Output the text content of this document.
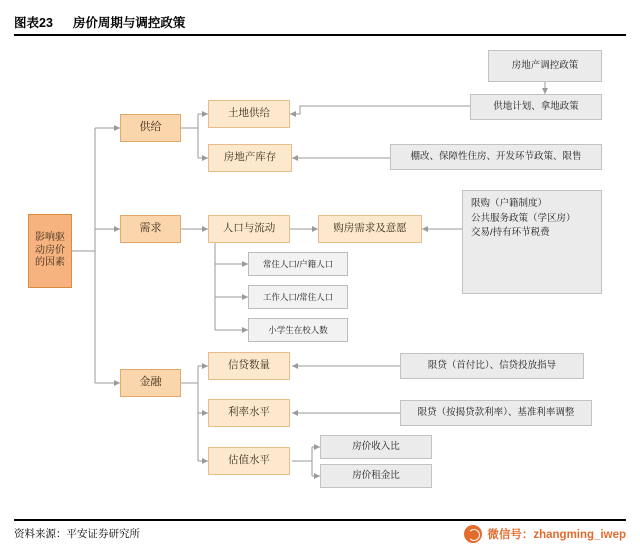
图表23 房价周期与调控政策
影响驱动房价的因素
供给
需求
金融
土地供给
房地产库存
房地产调控政策
供地计划、拿地政策
棚改、保障性住房、开发环节政策、限售
人口与流动	购房需求及意愿
常住人口/户籍人口
工作人口/常住人口
小学生在校人数
限购（户籍制度）
公共服务政策（学区房）
交易/持有环节税费
信贷数量
利率水平
估值水平
限贷（首付比）、信贷投放指导
限贷（按揭贷款利率）、基准利率调整
房价收入比
房价租金比
资料来源：平安证券研究所	微信号：zhangming_iwep
